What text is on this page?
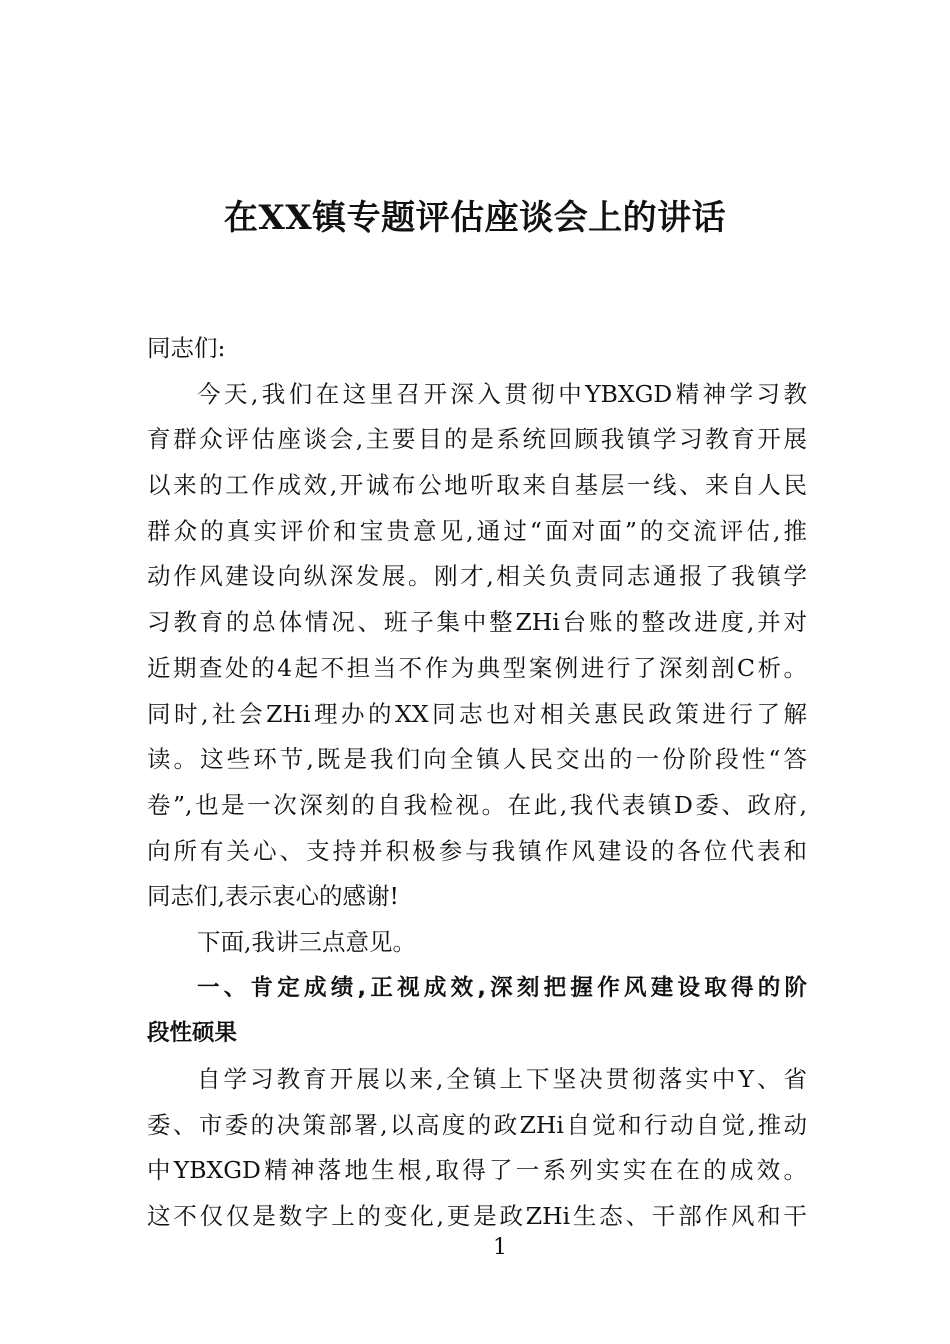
在XX镇专题评估座谈会上的讲话
同志们:
今天,我们在这里召开深入贯彻中YBXGD精神学习教
育群众评估座谈会,主要目的是系统回顾我镇学习教育开展
以来的工作成效,开诚布公地听取来自基层一线、来自人民
群众的真实评价和宝贵意见,通过“面对面”的交流评估,推
动作风建设向纵深发展。刚才,相关负责同志通报了我镇学
习教育的总体情况、班子集中整ZHi台账的整改进度,并对
近期查处的4起不担当不作为典型案例进行了深刻剖C析。
同时,社会ZHi理办的XX同志也对相关惠民政策进行了解
读。这些环节,既是我们向全镇人民交出的一份阶段性“答
卷”,也是一次深刻的自我检视。在此,我代表镇D委、政府,
向所有关心、支持并积极参与我镇作风建设的各位代表和
同志们,表示衷心的感谢!
下面,我讲三点意见。
一、肯定成绩,正视成效,深刻把握作风建设取得的阶
段性硕果
自学习教育开展以来,全镇上下坚决贯彻落实中Y、省
委、市委的决策部署,以高度的政ZHi自觉和行动自觉,推动
中YBXGD精神落地生根,取得了一系列实实在在的成效。
这不仅仅是数字上的变化,更是政ZHi生态、干部作风和干
1
